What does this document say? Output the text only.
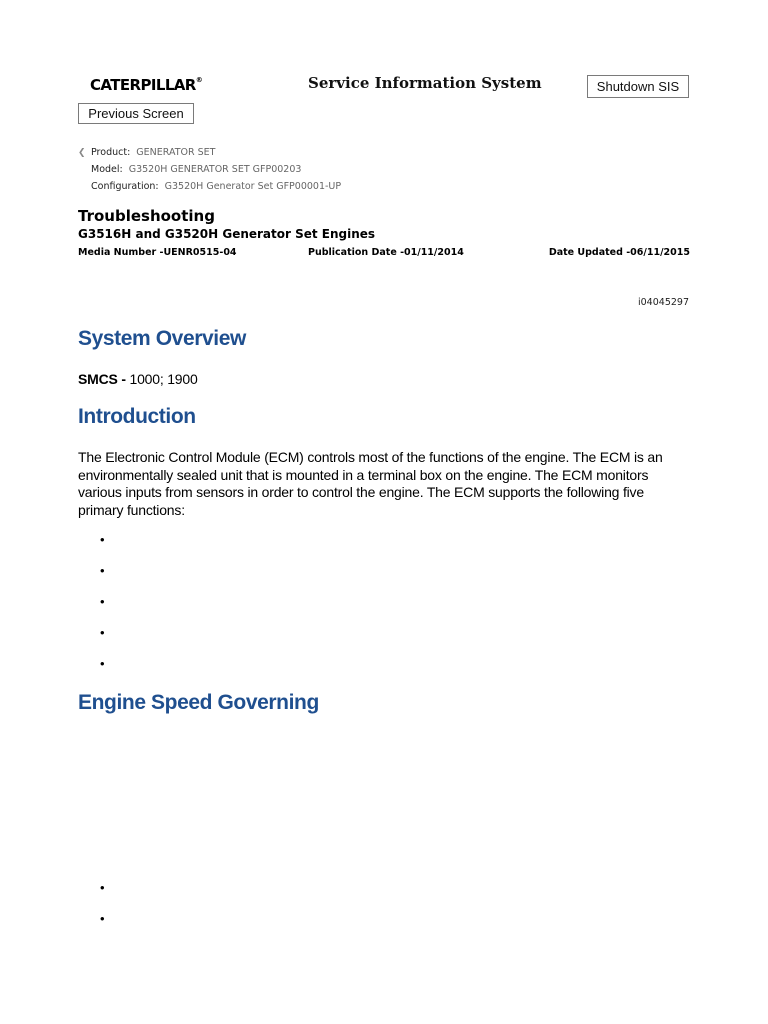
CATERPILLAR®	Service Information System	Shutdown SIS
Previous Screen
❮ Product: GENERATOR SET
Model: G3520H GENERATOR SET GFP00203
Configuration: G3520H Generator Set GFP00001-UP
Troubleshooting
G3516H and G3520H Generator Set Engines
Media Number -UENR0515-04	Publication Date -01/11/2014	Date Updated -06/11/2015
i04045297
System Overview
SMCS - 1000; 1900
Introduction

The Electronic Control Module (ECM) controls most of the functions of the engine. The ECM is an environmentally sealed unit that is mounted in a terminal box on the engine. The ECM monitors various inputs from sensors in order to control the engine. The ECM supports the following five primary functions:

Engine Speed Governing
